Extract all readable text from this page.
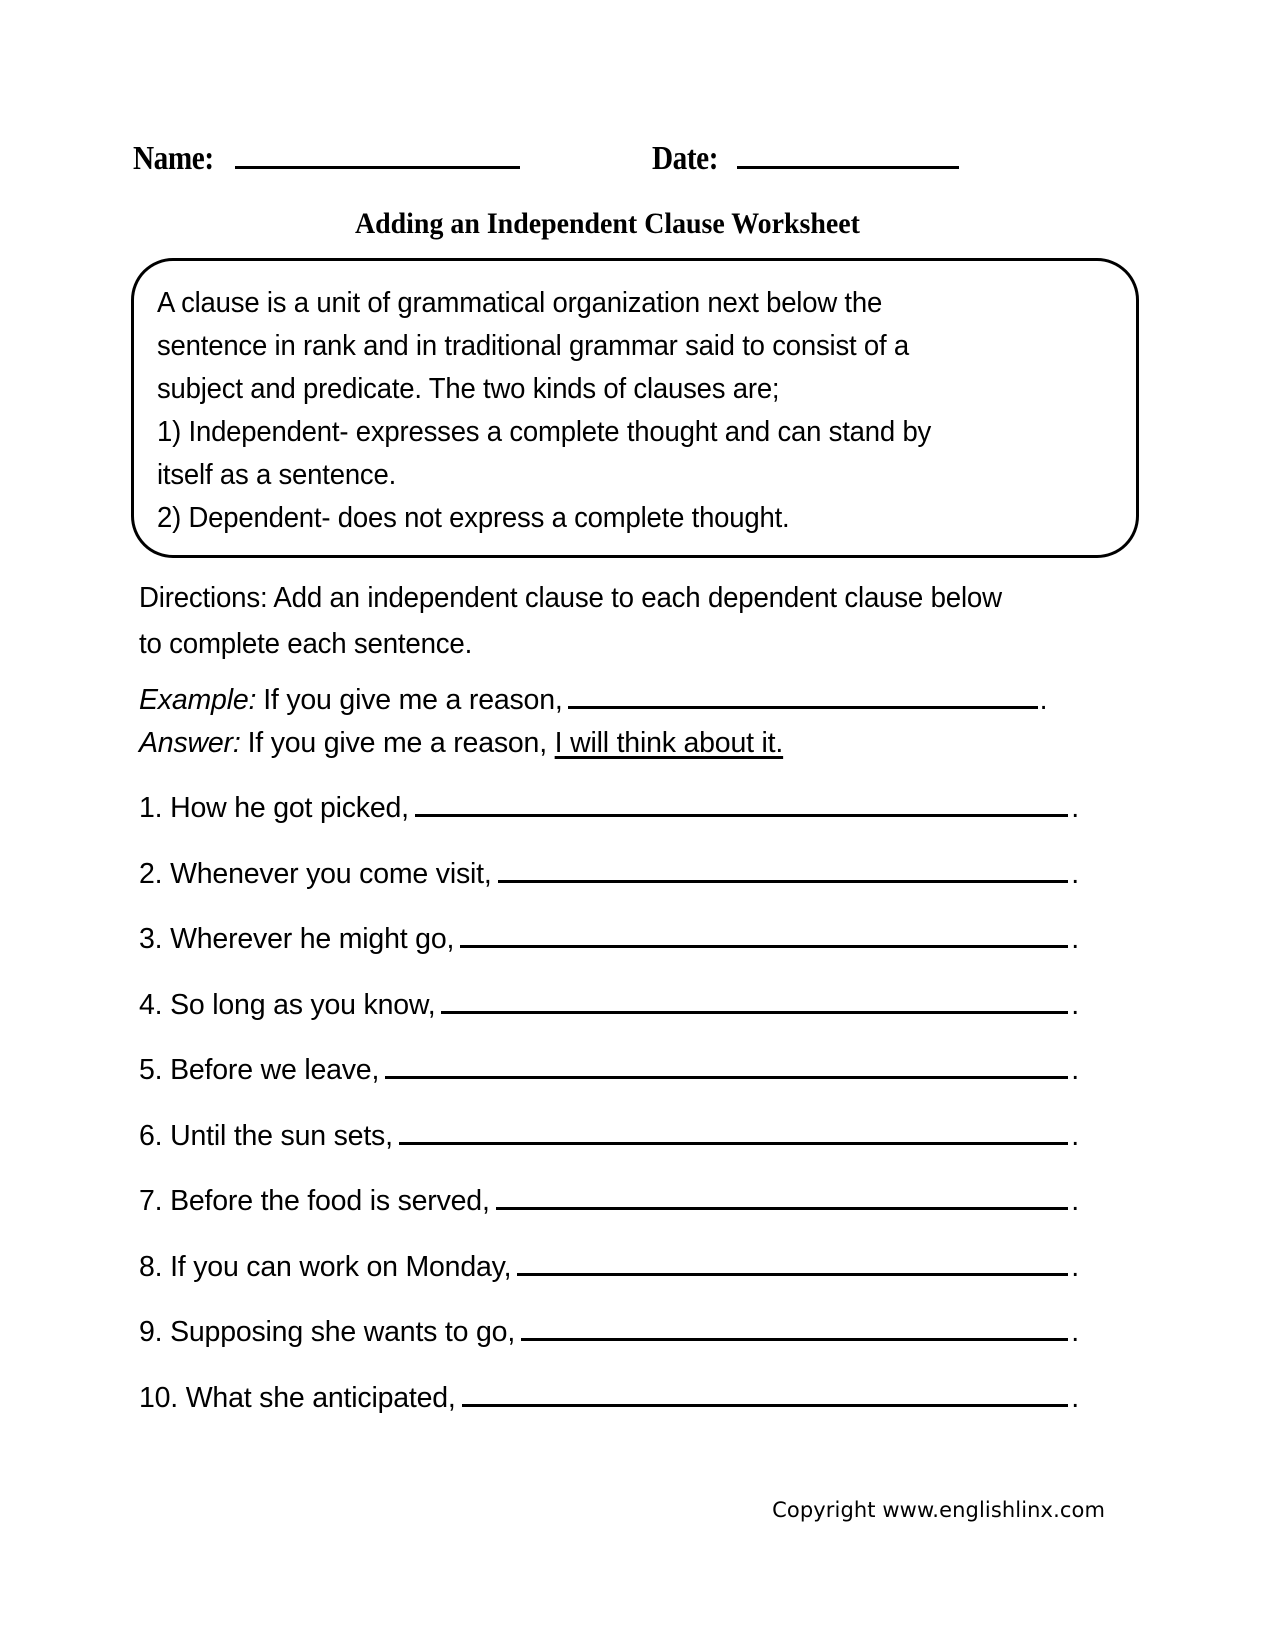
Name:	Date:
Adding an Independent Clause Worksheet
A clause is a unit of grammatical organization next below the
sentence in rank and in traditional grammar said to consist of a
subject and predicate. The two kinds of clauses are;
1) Independent- expresses a complete thought and can stand by
itself as a sentence.
2) Dependent- does not express a complete thought.
Directions: Add an independent clause to each dependent clause below
to complete each sentence.
Example: If you give me a reason,	.
Answer: If you give me a reason,
I will think about it.
1. How he got picked,	.
2. Whenever you come visit,	.
3. Wherever he might go,	.
4. So long as you know,	.
5. Before we leave,	.
6. Until the sun sets,	.
7. Before the food is served,	.
8. If you can work on Monday,	.
9. Supposing she wants to go,	.
10. What she anticipated,	.
Copyright www.englishlinx.com
